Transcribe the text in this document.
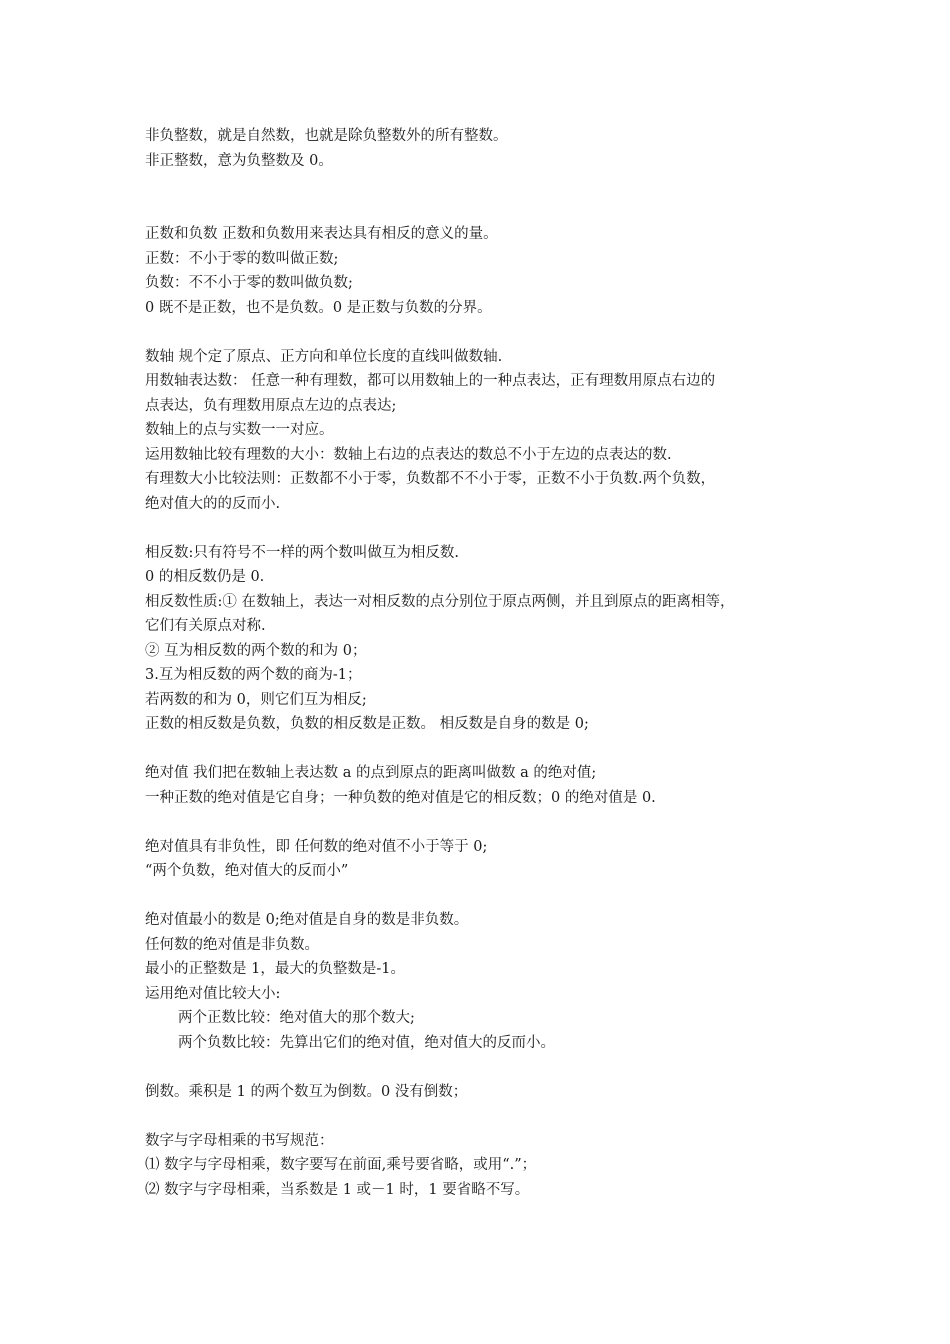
非负整数，就是自然数，也就是除负整数外的所有整数。
非正整数，意为负整数及 0。
正数和负数 正数和负数用来表达具有相反的意义的量。
正数：不小于零的数叫做正数;
负数：不不小于零的数叫做负数;
0 既不是正数，也不是负数。0 是正数与负数的分界。
数轴 规个定了原点、正方向和单位长度的直线叫做数轴.
用数轴表达数： 任意一种有理数，都可以用数轴上的一种点表达，正有理数用原点右边的
点表达，负有理数用原点左边的点表达;
数轴上的点与实数一一对应。
运用数轴比较有理数的大小：数轴上右边的点表达的数总不小于左边的点表达的数.
有理数大小比较法则：正数都不小于零，负数都不不小于零，正数不小于负数.两个负数，
绝对值大的的反而小.
相反数:只有符号不一样的两个数叫做互为相反数.
0 的相反数仍是 0.
相反数性质:① 在数轴上，表达一对相反数的点分别位于原点两侧，并且到原点的距离相等，
它们有关原点对称.
② 互为相反数的两个数的和为 0；
3.互为相反数的两个数的商为-1；
若两数的和为 0，则它们互为相反;
正数的相反数是负数，负数的相反数是正数。 相反数是自身的数是 0;
绝对值 我们把在数轴上表达数 a 的点到原点的距离叫做数 a 的绝对值;
一种正数的绝对值是它自身；一种负数的绝对值是它的相反数；0 的绝对值是 0.
绝对值具有非负性，即 任何数的绝对值不小于等于 0;
“两个负数，绝对值大的反而小”
绝对值最小的数是 0;绝对值是自身的数是非负数。
任何数的绝对值是非负数。
最小的正整数是 1，最大的负整数是-1。
运用绝对值比较大小:
两个正数比较：绝对值大的那个数大;
两个负数比较：先算出它们的绝对值，绝对值大的反而小。
倒数。乘积是 1 的两个数互为倒数。0 没有倒数；
数字与字母相乘的书写规范：
⑴ 数字与字母相乘，数字要写在前面,乘号要省略，或用“.”；
⑵ 数字与字母相乘，当系数是 1 或－1 时，1 要省略不写。
